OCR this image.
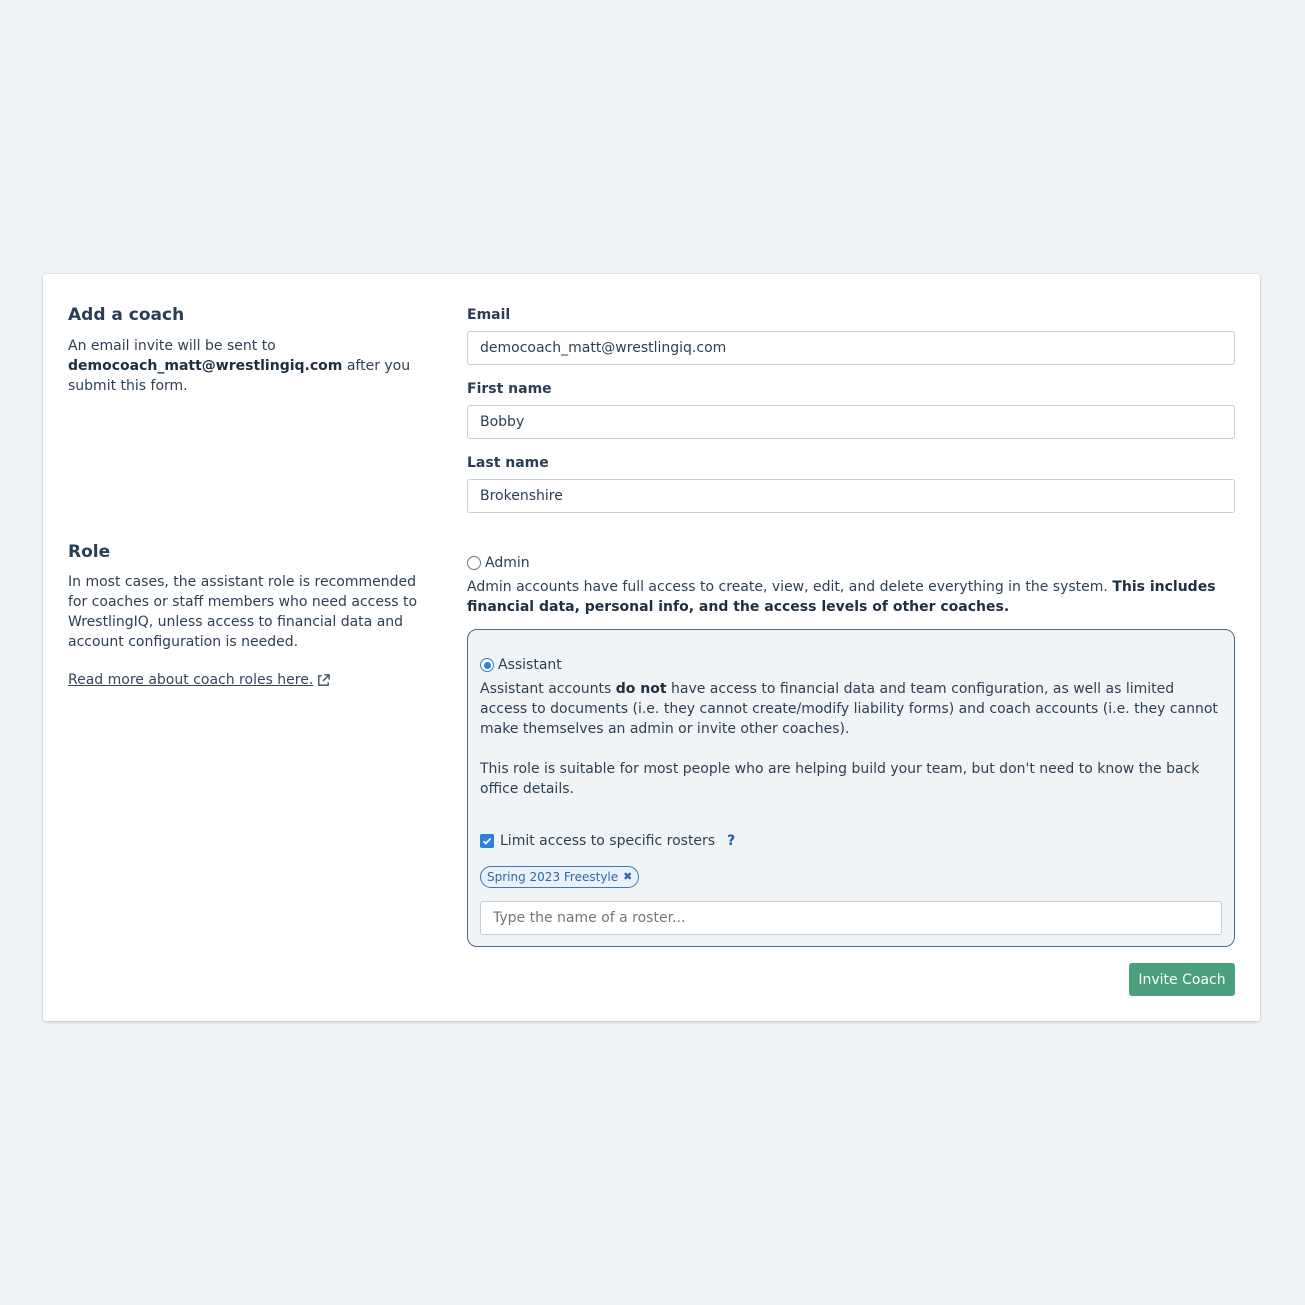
Add a coach
An email invite will be sent to democoach_matt@wrestlingiq.com after you submit this form.
Email
democoach_matt@wrestlingiq.com
First name
Bobby
Last name
Brokenshire
Role
In most cases, the assistant role is recommended for coaches or staff members who need access to WrestlingIQ, unless access to financial data and account configuration is needed.
Read more about coach roles here.
Admin
Admin accounts have full access to create, view, edit, and delete everything in the system. This includes financial data, personal info, and the access levels of other coaches.
Assistant
Assistant accounts do not have access to financial data and team configuration, as well as limited access to documents (i.e. they cannot create/modify liability forms) and coach accounts (i.e. they cannot make themselves an admin or invite other coaches).
This role is suitable for most people who are helping build your team, but don't need to know the back office details.
Limit access to specific rosters ?
Spring 2023 Freestyle ✖
Type the name of a roster...
Invite Coach
